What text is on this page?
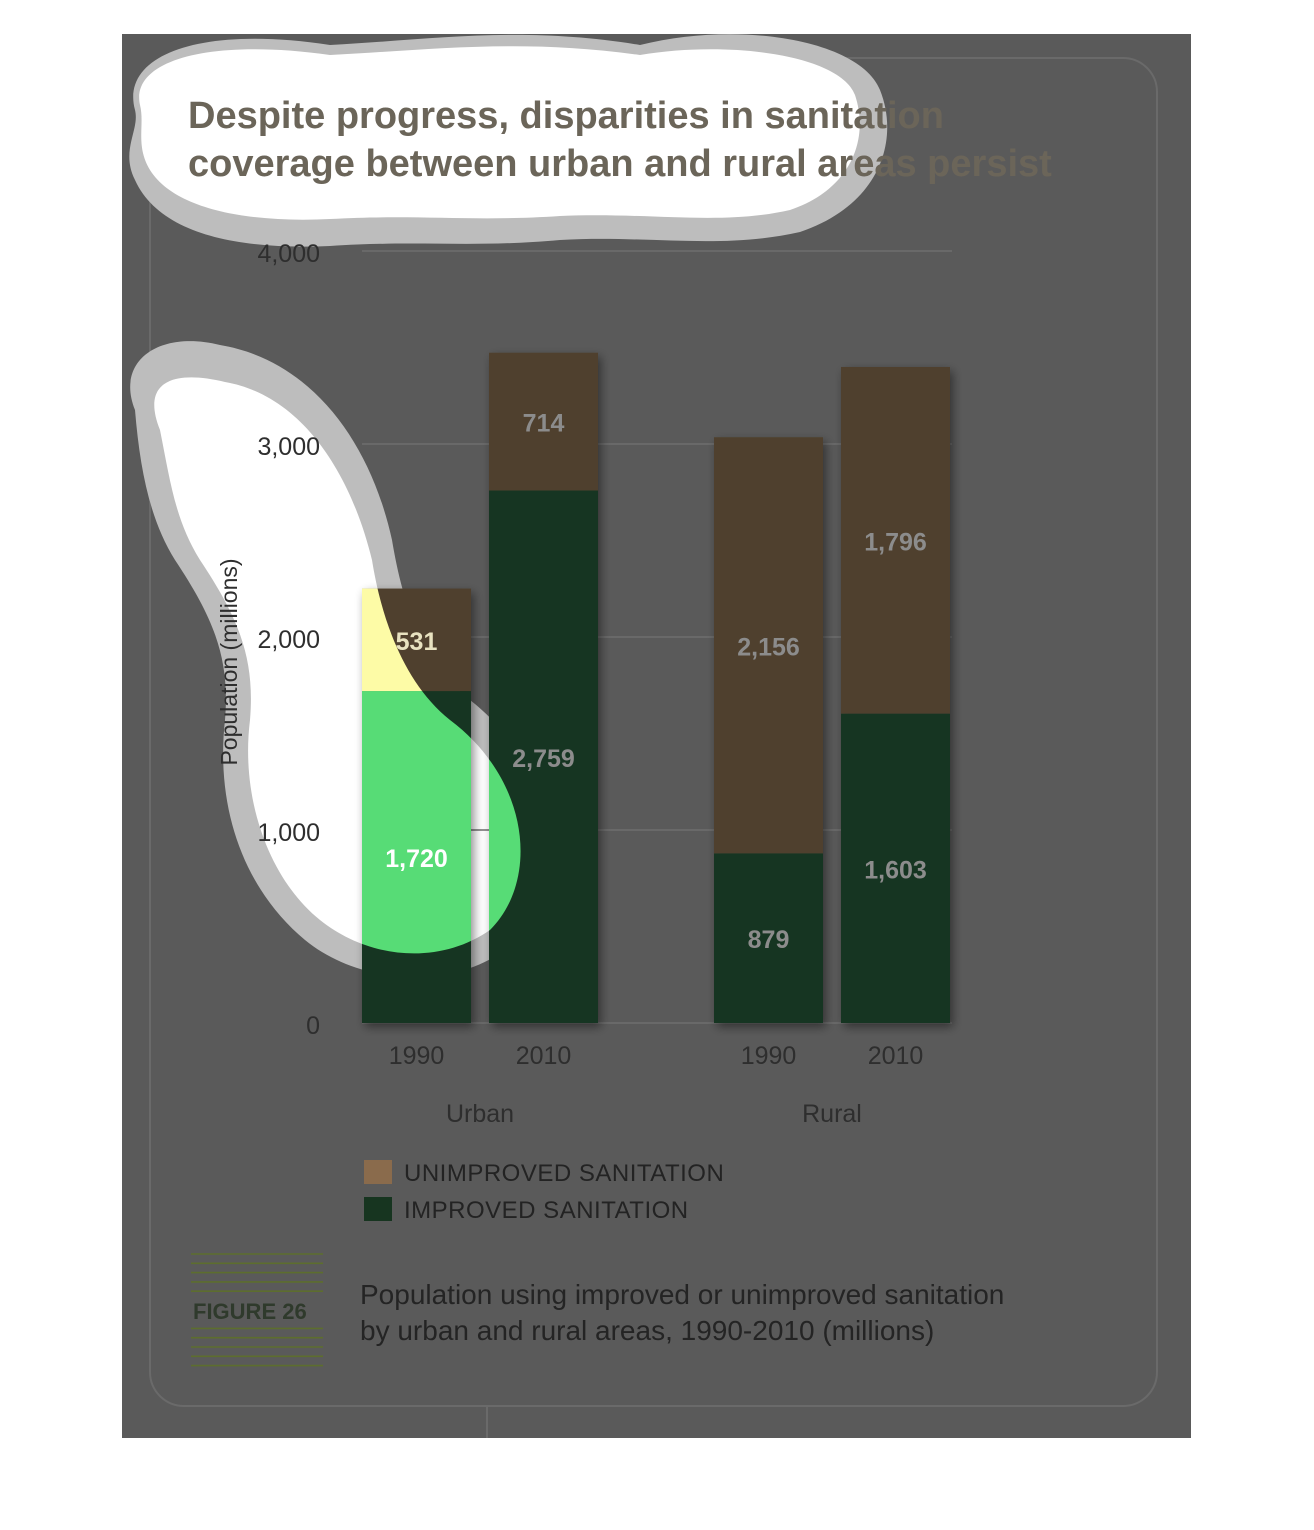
Despite progress, disparities in sanitation
coverage between urban and rural areas persist
0
1,000
2,000
3,000
4,000
Population (millions)
1,720
531
2,759
714
879
2,156
1,603
1,796
1990	2010	1990	2010
Urban	Rural
UNIMPROVED SANITATION
IMPROVED SANITATION
FIGURE 26
Population using improved or unimproved sanitation
by urban and rural areas, 1990-2010 (millions)
